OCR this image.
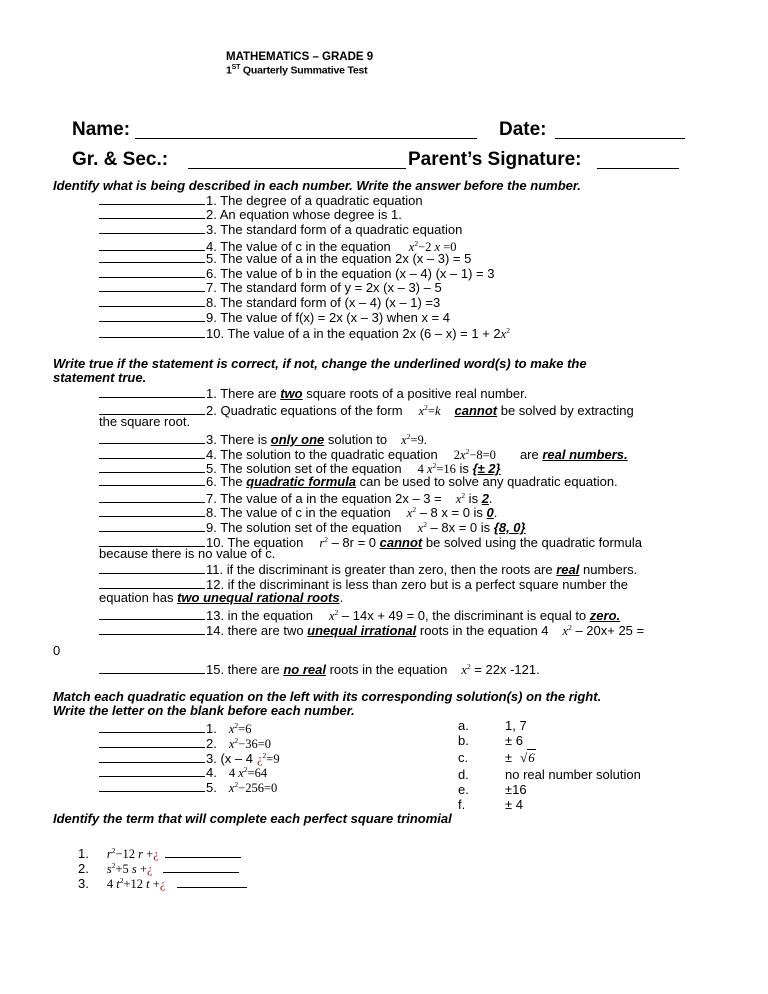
MATHEMATICS – GRADE 9
1ST Quarterly Summative Test
Name:	Date:
Gr. & Sec.:	Parent’s Signature:
Identify what is being described in each number. Write the answer before the number.
1. The degree of a quadratic equation
2. An equation whose degree is 1.
3. The standard form of a quadratic equation
4. The value of c in the equation $x^2-2$ x =0
5. The value of a in the equation 2x (x – 3) = 5
6. The value of b in the equation (x – 4) (x – 1) = 3
7. The standard form of y = 2x (x – 3) – 5
8. The standard form of (x – 4) (x – 1) =3
9. The value of f(x) = 2x (x – 3) when x = 4
10. The value of a in the equation 2x $(6 - x) = 1 + 2x^2$
Write true if the statement is correct, if not, change the underlined word(s) to make the
statement true.
1. There are two square roots of a positive real number.
2. Quadratic equations of the form $x^2=k$ cannot be solved by extracting
the square root.
3. There is only one solution to $x^2=9$.
4. The solution to the quadratic equation $2x^2-8=0$ are real numbers.
5. The solution set of the equation 4 $x^2=16$ is {± 2}
6. The quadratic formula can be used to solve any quadratic equation.
7. The value of a in the equation $2x - 3 = x^2$ is 2.
8. The value of c in the equation $x^2 - 8$ x = 0 is 0.
9. The solution set of the equation $x^2 - 8x = 0$ is {8, 0}
10. The equation $r^2 - 8r = 0$ cannot be solved using the quadratic formula
because there is no value of c.
11. if the discriminant is greater than zero, then the roots are real numbers.
12. if the discriminant is less than zero but is a perfect square number the
equation has two unequal rational roots.
13. in the equation $x^2 - 14x + 49 = 0$, the discriminant is equal to zero.
14. there are two unequal irrational roots in the equation 4 $x^2 - 20x+ 25$ =
0
15. there are no real roots in the equation $x^2 = 22x$ -121.
Match each quadratic equation on the left with its corresponding solution(s) on the right.
Write the letter on the blank before each number.
1. $x^2=6$
2. $x^2-36=0$
3. (x – 4 ¿$^2$=9
4. 4 $x^2=64$
5. $x^2-256=0$
a.	1, 7
b.	± 6
c.	± √6
d.	no real number solution
e.	±16
f.	± 4
Identify the term that will complete each perfect square trinomial
1. $r^2-12$ r +¿
2. $s^2+5$ s +¿
3. 4 $t^2+12$ t +¿
